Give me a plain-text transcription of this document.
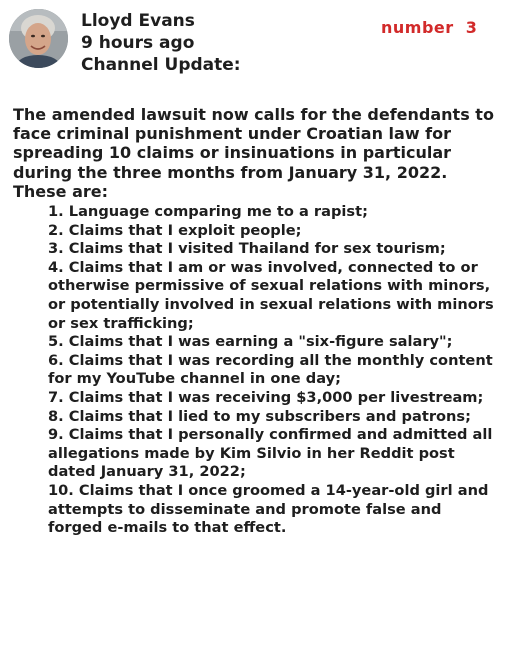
Lloyd Evans
9 hours ago
Channel Update:
number  3

The amended lawsuit now calls for the defendants to face criminal punishment under Croatian law for spreading 10 claims or insinuations in particular during the three months from January 31, 2022. These are:

1. Language comparing me to a rapist;
2. Claims that I exploit people;
3. Claims that I visited Thailand for sex tourism;
4. Claims that I am or was involved, connected to or otherwise permissive of sexual relations with minors, or potentially involved in sexual relations with minors or sex trafficking;
5. Claims that I was earning a "six-figure salary";
6. Claims that I was recording all the monthly content for my YouTube channel in one day;
7. Claims that I was receiving $3,000 per livestream;
8. Claims that I lied to my subscribers and patrons;
9. Claims that I personally confirmed and admitted all allegations made by Kim Silvio in her Reddit post dated January 31, 2022;
10. Claims that I once groomed a 14-year-old girl and attempts to disseminate and promote false and forged e-mails to that effect.
